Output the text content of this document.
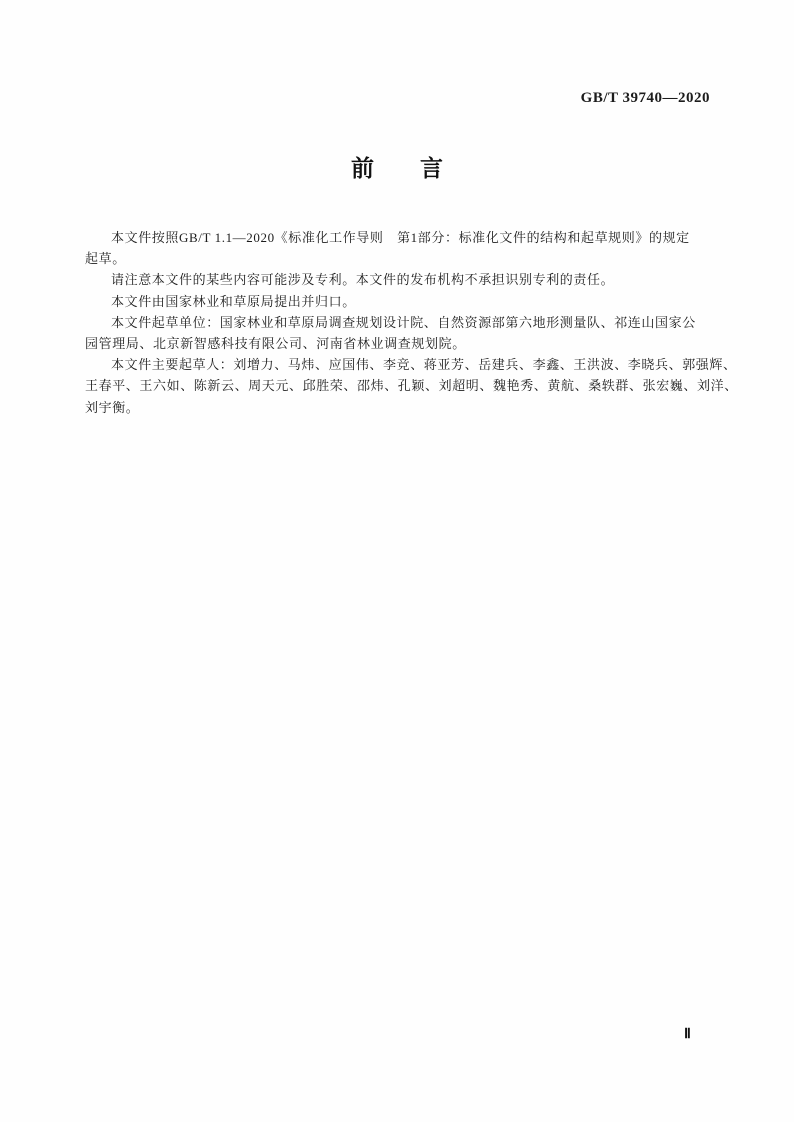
GB/T 39740—2020
前　　言
本文件按照GB/T 1.1—2020《标准化工作导则　第1部分：标准化文件的结构和起草规则》的规定
起草。
请注意本文件的某些内容可能涉及专利。本文件的发布机构不承担识别专利的责任。
本文件由国家林业和草原局提出并归口。
本文件起草单位：国家林业和草原局调查规划设计院、自然资源部第六地形测量队、祁连山国家公
园管理局、北京新智感科技有限公司、河南省林业调查规划院。
本文件主要起草人：刘增力、马炜、应国伟、李竞、蒋亚芳、岳建兵、李鑫、王洪波、李晓兵、郭强辉、
王春平、王六如、陈新云、周天元、邱胜荣、邵炜、孔颖、刘超明、魏艳秀、黄航、桑轶群、张宏巍、刘洋、
刘宇衡。
Ⅱ
